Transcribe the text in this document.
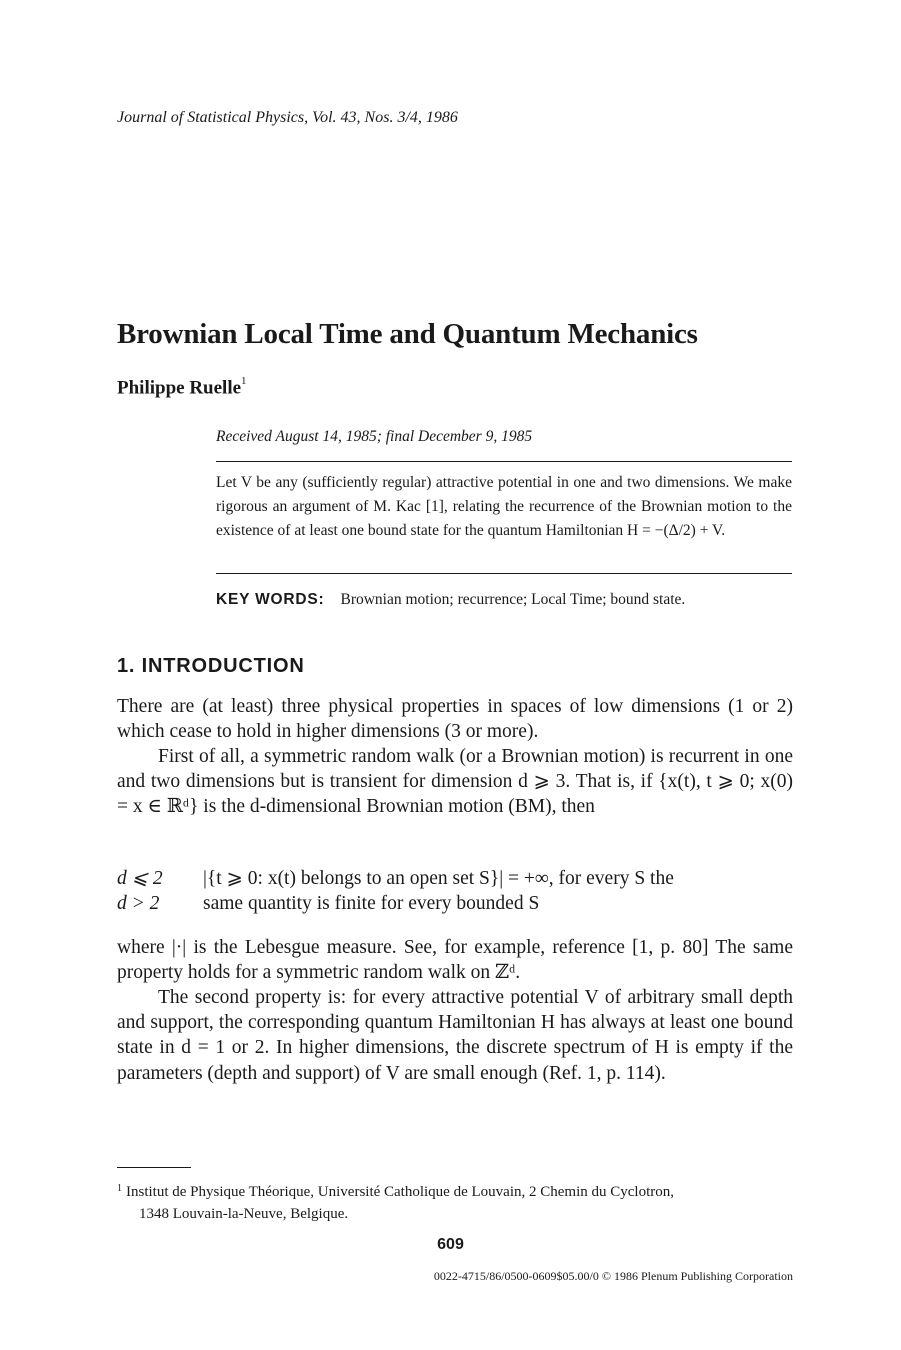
Journal of Statistical Physics, Vol. 43, Nos. 3/4, 1986
Brownian Local Time and Quantum Mechanics
Philippe Ruelle$^1$
Received August 14, 1985; final December 9, 1985
Let V be any (sufficiently regular) attractive potential in one and two dimensions. We make rigorous an argument of M. Kac [1], relating the recurrence of the Brownian motion to the existence of at least one bound state for the quantum Hamiltonian H = −(Δ/2) + V.
KEY WORDS: Brownian motion; recurrence; Local Time; bound state.
1. INTRODUCTION
There are (at least) three physical properties in spaces of low dimensions (1 or 2) which cease to hold in higher dimensions (3 or more).
First of all, a symmetric random walk (or a Brownian motion) is recurrent in one and two dimensions but is transient for dimension d ⩾ 3. That is, if {x(t), t ⩾ 0; x(0) = x ∈ ℝᵈ} is the d-dimensional Brownian motion (BM), then
d ⩽ 2	|{t ⩾ 0: x(t) belongs to an open set S}| = +∞, for every S the
d > 2	same quantity is finite for every bounded S
where |·| is the Lebesgue measure. See, for example, reference [1, p. 80] The same property holds for a symmetric random walk on ℤᵈ.
The second property is: for every attractive potential V of arbitrary small depth and support, the corresponding quantum Hamiltonian H has always at least one bound state in d = 1 or 2. In higher dimensions, the discrete spectrum of H is empty if the parameters (depth and support) of V are small enough (Ref. 1, p. 114).
$^1$ Institut de Physique Théorique, Université Catholique de Louvain, 2 Chemin du Cyclotron,
1348 Louvain-la-Neuve, Belgique.
609
0022-4715/86/0500-0609$05.00/0 © 1986 Plenum Publishing Corporation
